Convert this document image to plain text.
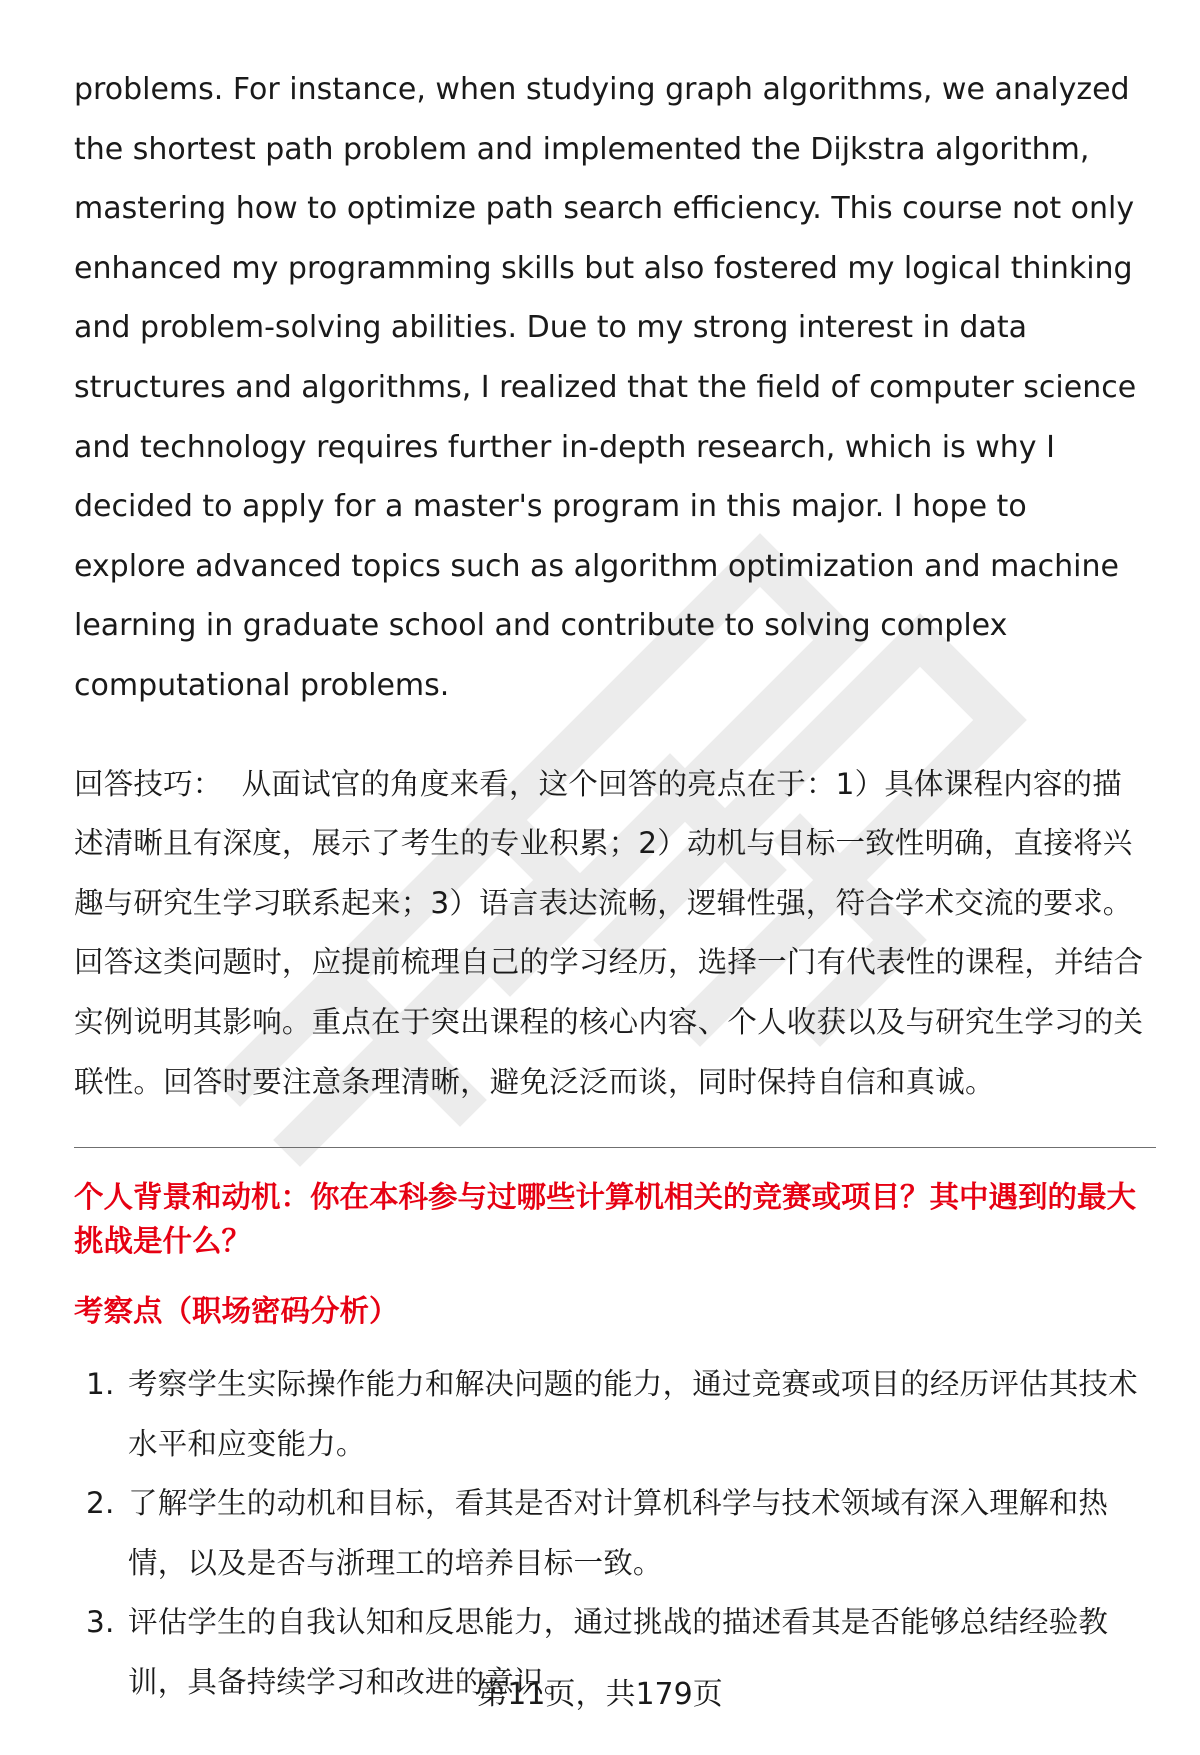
problems. For instance, when studying graph algorithms, we analyzed the shortest path problem and implemented the Dijkstra algorithm, mastering how to optimize path search efficiency. This course not only enhanced my programming skills but also fostered my logical thinking and problem-solving abilities. Due to my strong interest in data structures and algorithms, I realized that the field of computer science and technology requires further in-depth research, which is why I decided to apply for a master's program in this major. I hope to explore advanced topics such as algorithm optimization and machine learning in graduate school and contribute to solving complex computational problems.

回答技巧： 从面试官的角度来看，这个回答的亮点在于：1）具体课程内容的描述清晰且有深度，展示了考生的专业积累；2）动机与目标一致性明确，直接将兴趣与研究生学习联系起来；3）语言表达流畅，逻辑性强，符合学术交流的要求。回答这类问题时，应提前梳理自己的学习经历，选择一门有代表性的课程，并结合实例说明其影响。重点在于突出课程的核心内容、个人收获以及与研究生学习的关联性。回答时要注意条理清晰，避免泛泛而谈，同时保持自信和真诚。

个人背景和动机：你在本科参与过哪些计算机相关的竞赛或项目？其中遇到的最大挑战是什么？

考察点（职场密码分析）

1. 考察学生实际操作能力和解决问题的能力，通过竞赛或项目的经历评估其技术水平和应变能力。
2. 了解学生的动机和目标，看其是否对计算机科学与技术领域有深入理解和热情，以及是否与浙理工的培养目标一致。
3. 评估学生的自我认知和反思能力，通过挑战的描述看其是否能够总结经验教训，具备持续学习和改进的意识。
第11页，共179页
